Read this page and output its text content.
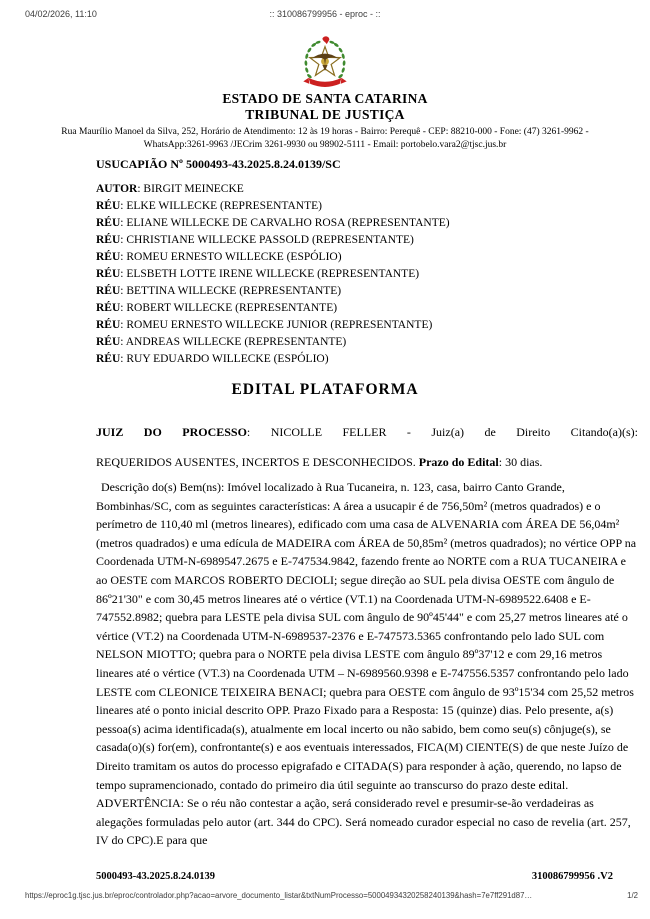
04/02/2026, 11:10	:: 310086799956 - eproc - ::
ESTADO DE SANTA CATARINA
TRIBUNAL DE JUSTIÇA
Rua Maurílio Manoel da Silva, 252, Horário de Atendimento: 12 às 19 horas - Bairro: Perequê - CEP: 88210-000 - Fone: (47) 3261-9962 - WhatsApp:3261-9963 /JECrim 3261-9930 ou 98902-5111 - Email: portobelo.vara2@tjsc.jus.br
USUCAPIÃO Nº 5000493-43.2025.8.24.0139/SC
AUTOR: BIRGIT MEINECKE
RÉU: ELKE WILLECKE (REPRESENTANTE)
RÉU: ELIANE WILLECKE DE CARVALHO ROSA (REPRESENTANTE)
RÉU: CHRISTIANE WILLECKE PASSOLD (REPRESENTANTE)
RÉU: ROMEU ERNESTO WILLECKE (ESPÓLIO)
RÉU: ELSBETH LOTTE IRENE WILLECKE (REPRESENTANTE)
RÉU: BETTINA WILLECKE (REPRESENTANTE)
RÉU: ROBERT WILLECKE (REPRESENTANTE)
RÉU: ROMEU ERNESTO WILLECKE JUNIOR (REPRESENTANTE)
RÉU: ANDREAS WILLECKE (REPRESENTANTE)
RÉU: RUY EDUARDO WILLECKE (ESPÓLIO)
EDITAL PLATAFORMA
JUIZ DO PROCESSO: NICOLLE FELLER - Juiz(a) de Direito Citando(a)(s):
REQUERIDOS AUSENTES, INCERTOS E DESCONHECIDOS. Prazo do Edital: 30 dias.
Descrição do(s) Bem(ns): Imóvel localizado à Rua Tucaneira, n. 123, casa, bairro Canto Grande, Bombinhas/SC, com as seguintes características: A área a usucapir é de 756,50m² (metros quadrados) e o perímetro de 110,40 ml (metros lineares), edificado com uma casa de ALVENARIA com ÁREA DE 56,04m² (metros quadrados) e uma edícula de MADEIRA com ÁREA de 50,85m² (metros quadrados); no vértice OPP na Coordenada UTM-N-6989547.2675 e E-747534.9842, fazendo frente ao NORTE com a RUA TUCANEIRA e ao OESTE com MARCOS ROBERTO DECIOLI; segue direção ao SUL pela divisa OESTE com ângulo de 86º21'30" e com 30,45 metros lineares até o vértice (VT.1) na Coordenada UTM-N-6989522.6408 e E-747552.8982; quebra para LESTE pela divisa SUL com ângulo de 90º45'44" e com 25,27 metros lineares até o vértice (VT.2) na Coordenada UTM-N-6989537-2376 e E-747573.5365 confrontando pelo lado SUL com NELSON MIOTTO; quebra para o NORTE pela divisa LESTE com ângulo 89º37'12 e com 29,16 metros lineares até o vértice (VT.3) na Coordenada UTM – N-6989560.9398 e E-747556.5357 confrontando pelo lado LESTE com CLEONICE TEIXEIRA BENACI; quebra para OESTE com ângulo de 93º15'34 com 25,52 metros lineares até o ponto inicial descrito OPP. Prazo Fixado para a Resposta: 15 (quinze) dias. Pelo presente, a(s) pessoa(s) acima identificada(s), atualmente em local incerto ou não sabido, bem como seu(s) cônjuge(s), se casada(o)(s) for(em), confrontante(s) e aos eventuais interessados, FICA(M) CIENTE(S) de que neste Juízo de Direito tramitam os autos do processo epigrafado e CITADA(S) para responder à ação, querendo, no lapso de tempo supramencionado, contado do primeiro dia útil seguinte ao transcurso do prazo deste edital. ADVERTÊNCIA: Se o réu não contestar a ação, será considerado revel e presumir-se-ão verdadeiras as alegações formuladas pelo autor (art. 344 do CPC). Será nomeado curador especial no caso de revelia (art. 257, IV do CPC).E para que
5000493-43.2025.8.24.0139	310086799956 .V2
https://eproc1g.tjsc.jus.br/eproc/controlador.php?acao=arvore_documento_listar&txtNumProcesso=50004934320258240139&hash=7e7ff291d87…	1/2
